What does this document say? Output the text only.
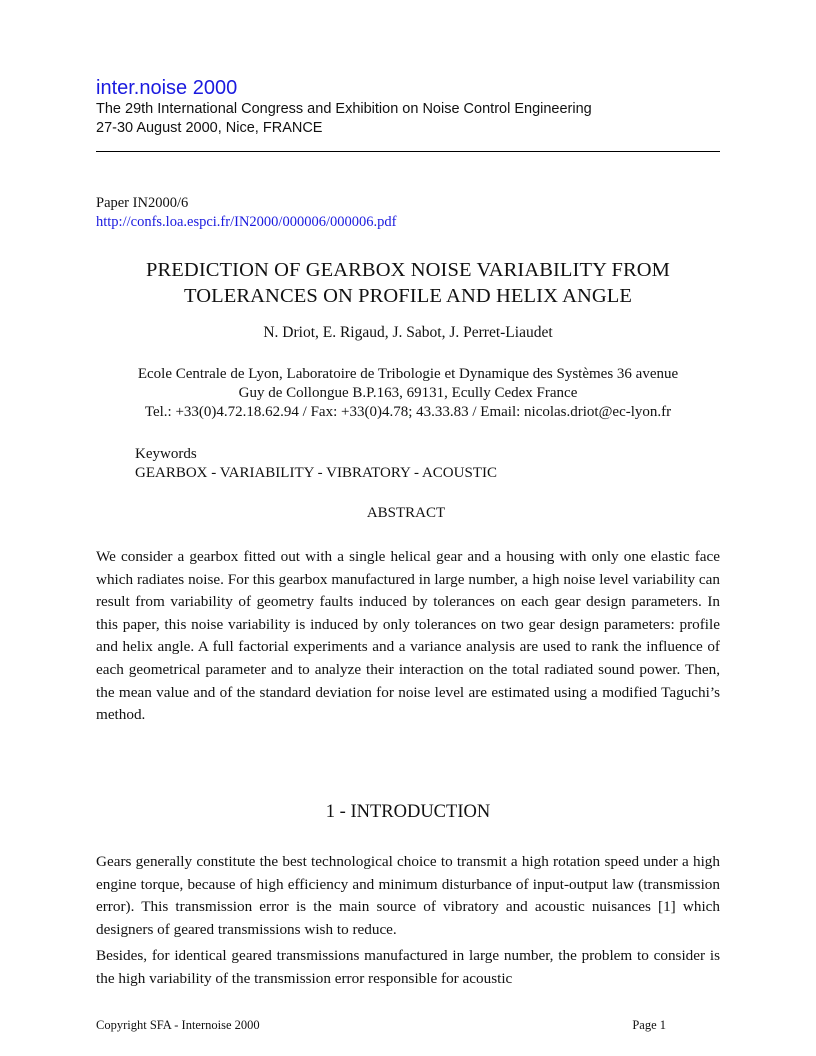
inter.noise 2000
The 29th International Congress and Exhibition on Noise Control Engineering
27-30 August 2000, Nice, FRANCE
Paper IN2000/6
http://confs.loa.espci.fr/IN2000/000006/000006.pdf
PREDICTION OF GEARBOX NOISE VARIABILITY FROM
TOLERANCES ON PROFILE AND HELIX ANGLE
N. Driot, E. Rigaud, J. Sabot, J. Perret-Liaudet
Ecole Centrale de Lyon, Laboratoire de Tribologie et Dynamique des Systèmes 36 avenue
Guy de Collongue B.P.163, 69131, Ecully Cedex France
Tel.: +33(0)4.72.18.62.94 / Fax: +33(0)4.78; 43.33.83 / Email: nicolas.driot@ec-lyon.fr
Keywords
GEARBOX - VARIABILITY - VIBRATORY - ACOUSTIC
ABSTRACT
We consider a gearbox fitted out with a single helical gear and a housing with only one elastic face which radiates noise. For this gearbox manufactured in large number, a high noise level variability can result from variability of geometry faults induced by tolerances on each gear design parameters. In this paper, this noise variability is induced by only tolerances on two gear design parameters: profile and helix angle. A full factorial experiments and a variance analysis are used to rank the influence of each geometrical parameter and to analyze their interaction on the total radiated sound power. Then, the mean value and of the standard deviation for noise level are estimated using a modified Taguchi’s method.
1 - INTRODUCTION

Gears generally constitute the best technological choice to transmit a high rotation speed under a high engine torque, because of high efficiency and minimum disturbance of input-output law (transmission error). This transmission error is the main source of vibratory and acoustic nuisances [1] which designers of geared transmissions wish to reduce.

Besides, for identical geared transmissions manufactured in large number, the problem to consider is the high variability of the transmission error responsible for acoustic

Copyright SFA - Internoise 2000	Page 1
